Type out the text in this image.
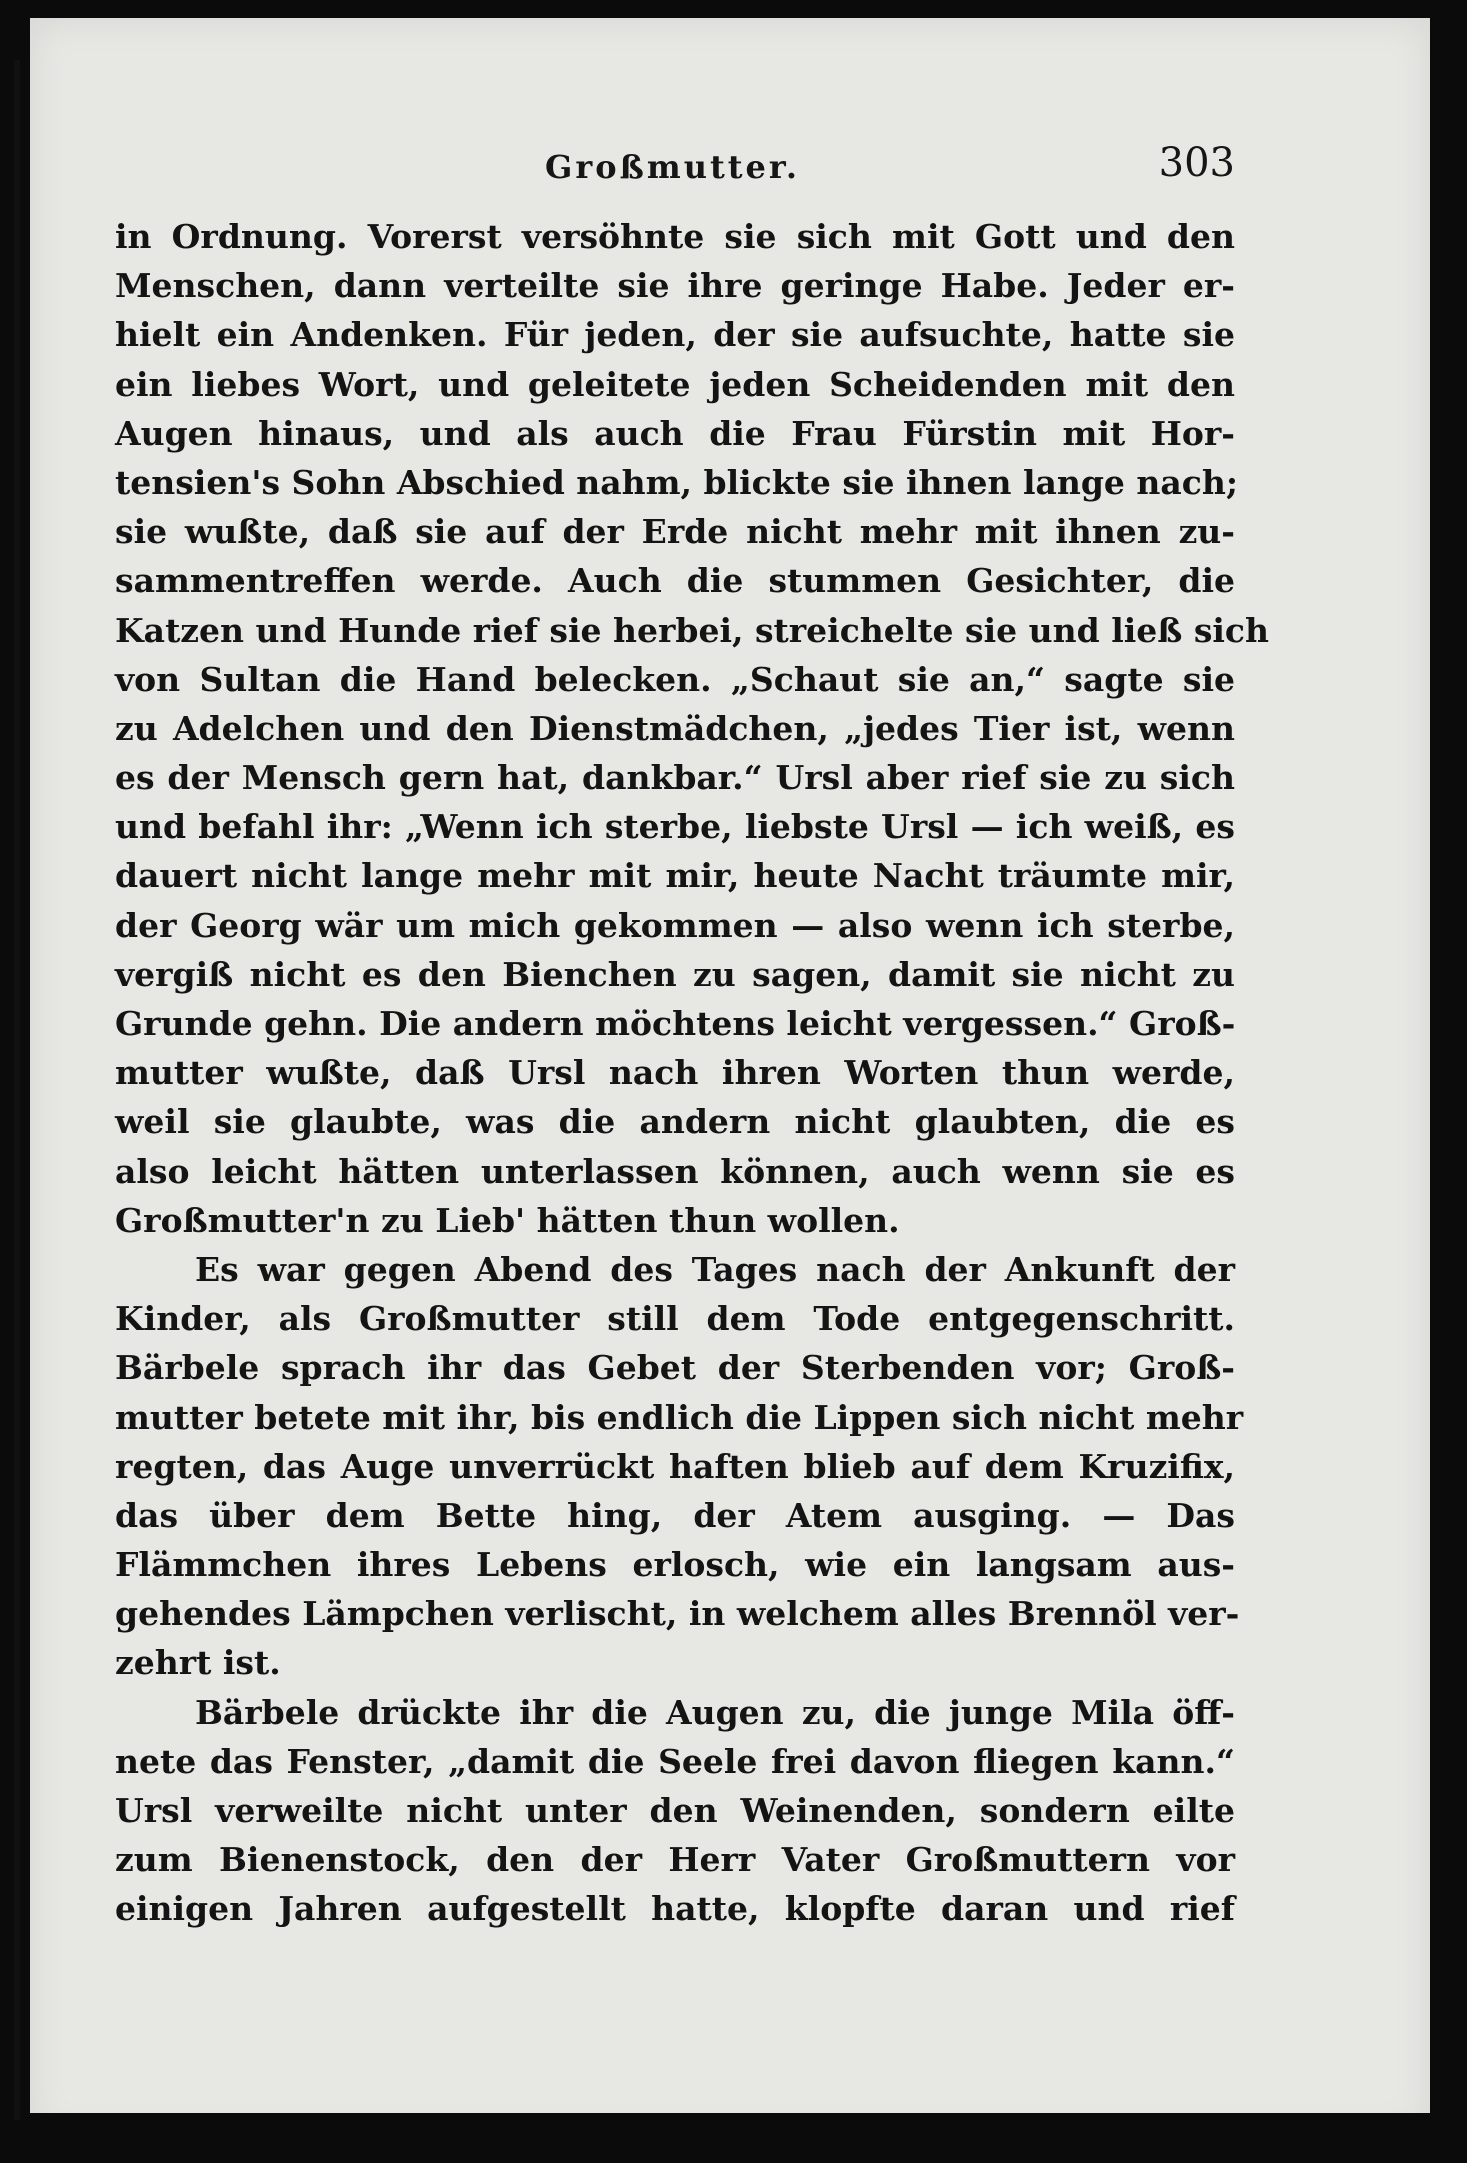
Großmutter.	303
in Ordnung. Vorerst versöhnte sie sich mit Gott und den
Menschen, dann verteilte sie ihre geringe Habe. Jeder er-
hielt ein Andenken. Für jeden, der sie aufsuchte, hatte sie
ein liebes Wort, und geleitete jeden Scheidenden mit den
Augen hinaus, und als auch die Frau Fürstin mit Hor-
tensien's Sohn Abschied nahm, blickte sie ihnen lange nach;
sie wußte, daß sie auf der Erde nicht mehr mit ihnen zu-
sammentreffen werde. Auch die stummen Gesichter, die
Katzen und Hunde rief sie herbei, streichelte sie und ließ sich
von Sultan die Hand belecken. „Schaut sie an,“ sagte sie
zu Adelchen und den Dienstmädchen, „jedes Tier ist, wenn
es der Mensch gern hat, dankbar.“ Ursl aber rief sie zu sich
und befahl ihr: „Wenn ich sterbe, liebste Ursl — ich weiß, es
dauert nicht lange mehr mit mir, heute Nacht träumte mir,
der Georg wär um mich gekommen — also wenn ich sterbe,
vergiß nicht es den Bienchen zu sagen, damit sie nicht zu
Grunde gehn. Die andern möchtens leicht vergessen.“ Groß-
mutter wußte, daß Ursl nach ihren Worten thun werde,
weil sie glaubte, was die andern nicht glaubten, die es
also leicht hätten unterlassen können, auch wenn sie es
Großmutter'n zu Lieb' hätten thun wollen.
Es war gegen Abend des Tages nach der Ankunft der
Kinder, als Großmutter still dem Tode entgegenschritt.
Bärbele sprach ihr das Gebet der Sterbenden vor; Groß-
mutter betete mit ihr, bis endlich die Lippen sich nicht mehr
regten, das Auge unverrückt haften blieb auf dem Kruzifix,
das über dem Bette hing, der Atem ausging. — Das
Flämmchen ihres Lebens erlosch, wie ein langsam aus-
gehendes Lämpchen verlischt, in welchem alles Brennöl ver-
zehrt ist.
Bärbele drückte ihr die Augen zu, die junge Mila öff-
nete das Fenster, „damit die Seele frei davon fliegen kann.“
Ursl verweilte nicht unter den Weinenden, sondern eilte
zum Bienenstock, den der Herr Vater Großmuttern vor
einigen Jahren aufgestellt hatte, klopfte daran und rief
